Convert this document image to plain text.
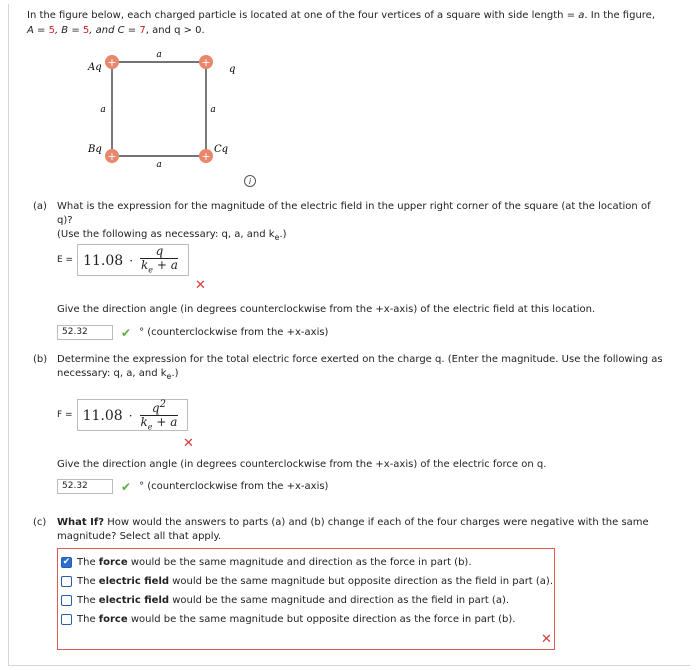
In the figure below, each charged particle is located at one of the four vertices of a square with side length = a. In the figure,
A = 5, B = 5, and C = 7, and q > 0.
+	+
+	+
a
a
a	a
Aq	q
Bq	Cq
i
(a) What is the expression for the magnitude of the electric field in the upper right corner of the square (at the location of q)?
(Use the following as necessary: q, a, and $k_e$.)
$E = 11.08 \cdot \frac{q}{k_e + a}$
✕
Give the direction angle (in degrees counterclockwise from the +x-axis) of the electric field at this location.
52.32	✔ ° (counterclockwise from the +x-axis)
(b) Determine the expression for the total electric force exerted on the charge q. (Enter the magnitude. Use the following as
necessary: q, a, and $k_e$.)
$F = 11.08 \cdot \frac{q^2}{k_e + a}$
✕
Give the direction angle (in degrees counterclockwise from the +x-axis) of the electric force on q.
52.32	✔ ° (counterclockwise from the +x-axis)
(c) What If? How would the answers to parts (a) and (b) change if each of the four charges were negative with the same
magnitude? Select all that apply.
✔ The force would be the same magnitude and direction as the force in part (b).
The electric field would be the same magnitude but opposite direction as the field in part (a).
The electric field would be the same magnitude and direction as the field in part (a).
The force would be the same magnitude but opposite direction as the force in part (b).
✕
